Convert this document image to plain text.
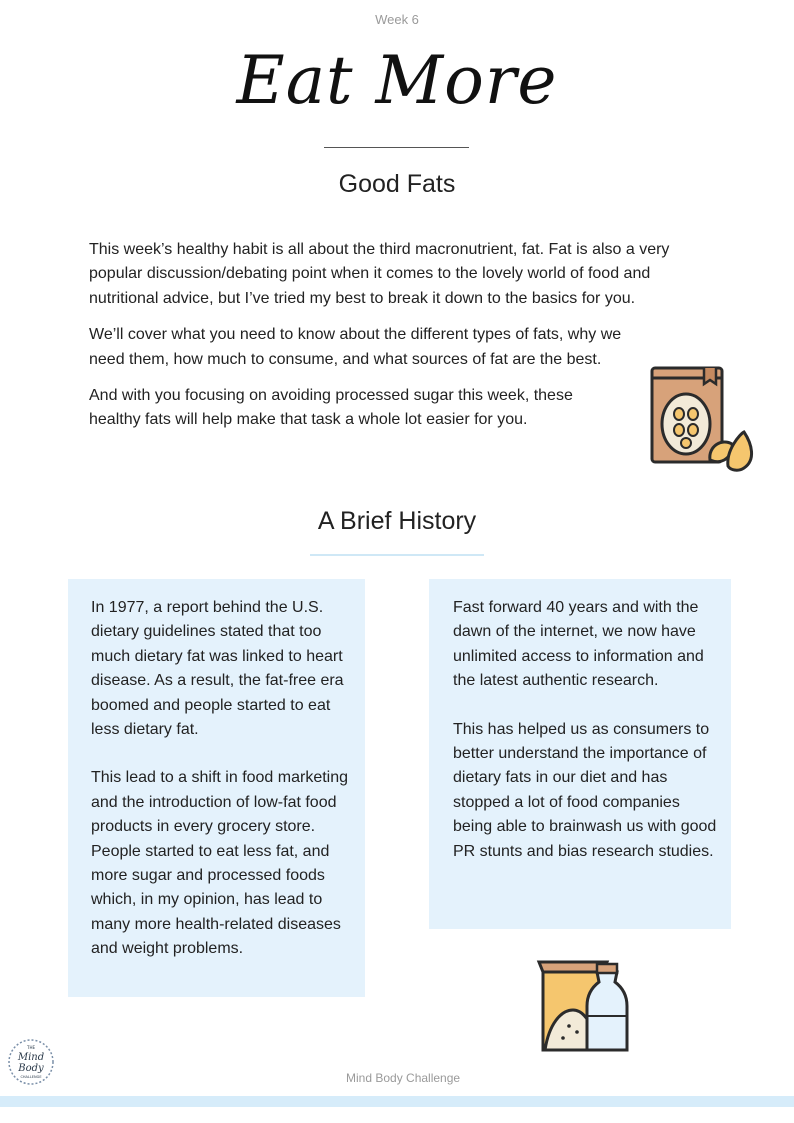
Week 6
Eat More
Good Fats

This week’s healthy habit is all about the third macronutrient, fat. Fat is also a very popular discussion/debating point when it comes to the lovely world of food and nutritional advice, but I’ve tried my best to break it down to the basics for you.

We’ll cover what you need to know about the different types of fats, why we need them, how much to consume, and what sources of fat are the best.

And with you focusing on avoiding processed sugar this week, these healthy fats will help make that task a whole lot easier for you.

A Brief History

In 1977, a report behind the U.S. dietary guidelines stated that too much dietary fat was linked to heart disease. As a result, the fat-free era boomed and people started to eat less dietary fat.

This lead to a shift in food marketing and the introduction of low-fat food products in every grocery store. People started to eat less fat, and more sugar and processed foods which, in my opinion, has lead to many more health-related diseases and weight problems.

Fast forward 40 years and with the dawn of the internet, we now have unlimited access to information and the latest authentic research.

This has helped us as consumers to better understand the importance of dietary fats in our diet and has stopped a lot of food companies being able to brainwash us with good PR stunts and bias research studies.

THE
Mind
Body
CHALLENGE	Mind Body Challenge
